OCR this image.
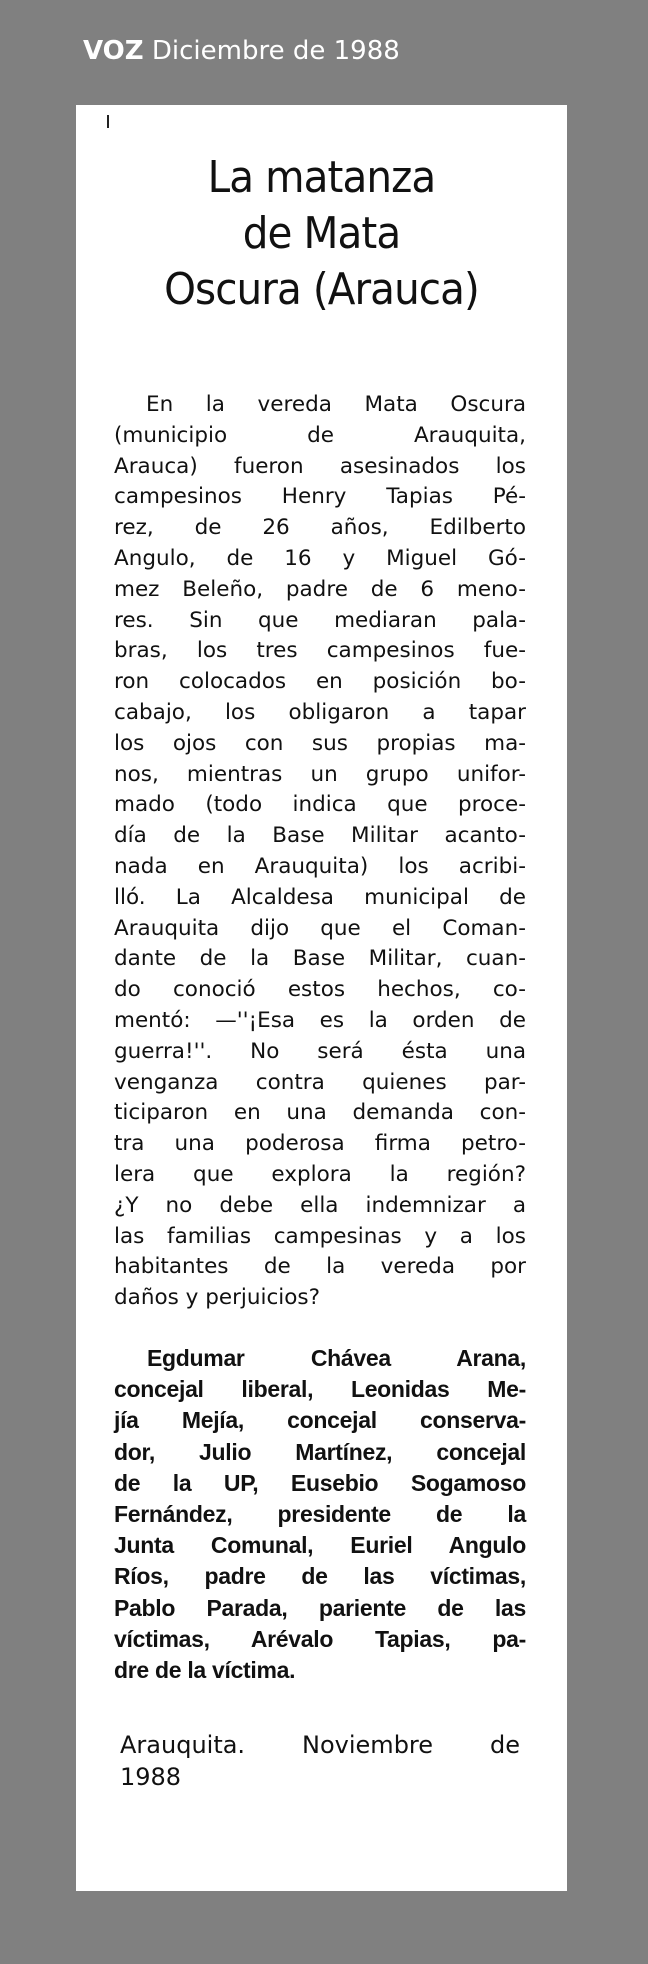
VOZ Diciembre de 1988
La matanza
de Mata
Oscura (Arauca)
En la vereda Mata Oscura
(municipio de Arauquita,
Arauca) fueron asesinados los
campesinos Henry Tapias Pé-
rez, de 26 años, Edilberto
Angulo, de 16 y Miguel Gó-
mez Beleño, padre de 6 meno-
res. Sin que mediaran pala-
bras, los tres campesinos fue-
ron colocados en posición bo-
cabajo, los obligaron a tapar
los ojos con sus propias ma-
nos, mientras un grupo unifor-
mado (todo indica que proce-
día de la Base Militar acanto-
nada en Arauquita) los acribi-
lló. La Alcaldesa municipal de
Arauquita dijo que el Coman-
dante de la Base Militar, cuan-
do conoció estos hechos, co-
mentó: —''¡Esa es la orden de
guerra!''. No será ésta una
venganza contra quienes par-
ticiparon en una demanda con-
tra una poderosa firma petro-
lera que explora la región?
¿Y no debe ella indemnizar a
las familias campesinas y a los
habitantes de la vereda por
daños y perjuicios?
Egdumar Chávea Arana,
concejal liberal, Leonidas Me-
jía Mejía, concejal conserva-
dor, Julio Martínez, concejal
de la UP, Eusebio Sogamoso
Fernández, presidente de la
Junta Comunal, Euriel Angulo
Ríos, padre de las víctimas,
Pablo Parada, pariente de las
víctimas, Arévalo Tapias, pa-
dre de la víctima.
Arauquita. Noviembre de
1988
